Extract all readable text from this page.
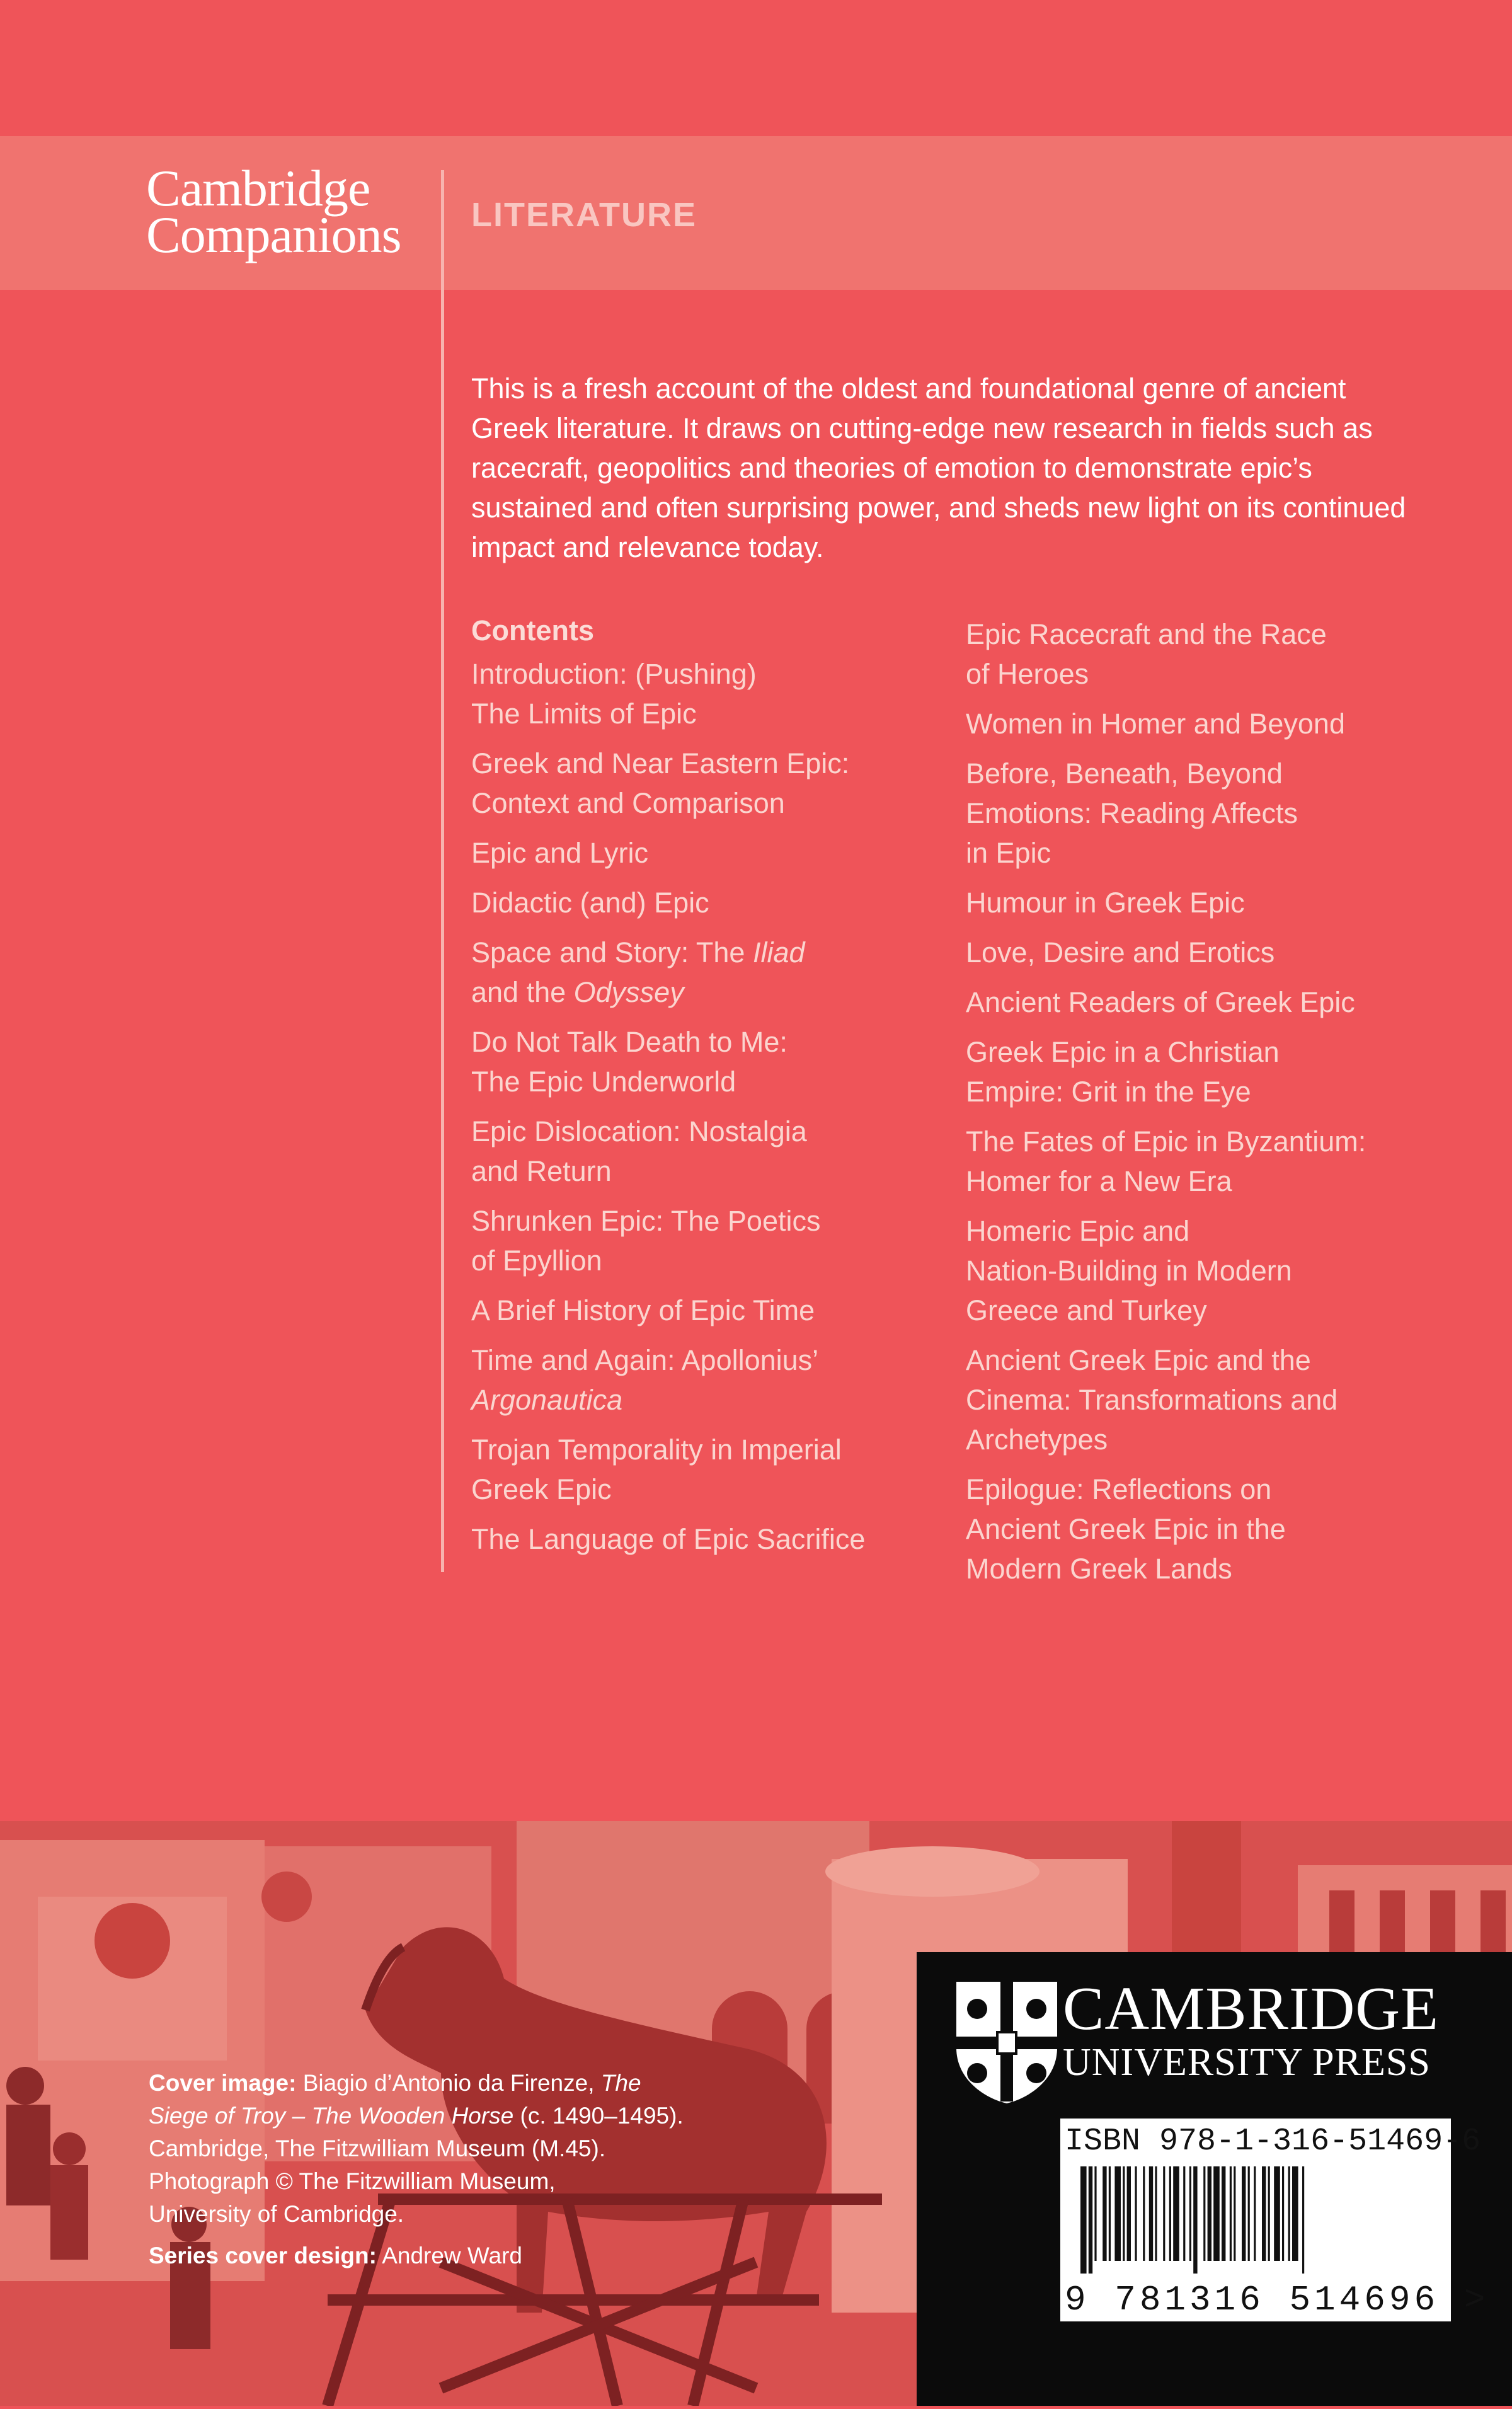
Cambridge
Companions LITERATURE
This is a fresh account of the oldest and foundational genre of ancient Greek literature. It draws on cutting-edge new research in fields such as racecraft, geopolitics and theories of emotion to demonstrate epic’s sustained and often surprising power, and sheds new light on its continued impact and relevance today.
Contents
Introduction: (Pushing)
The Limits of Epic
Greek and Near Eastern Epic:
Context and Comparison
Epic and Lyric
Didactic (and) Epic
Space and Story: The Iliad
and the Odyssey
Do Not Talk Death to Me:
The Epic Underworld
Epic Dislocation: Nostalgia
and Return
Shrunken Epic: The Poetics
of Epyllion
A Brief History of Epic Time
Time and Again: Apollonius’
Argonautica
Trojan Temporality in Imperial
Greek Epic
The Language of Epic Sacrifice
Epic Racecraft and the Race
of Heroes
Women in Homer and Beyond
Before, Beneath, Beyond
Emotions: Reading Affects
in Epic
Humour in Greek Epic
Love, Desire and Erotics
Ancient Readers of Greek Epic
Greek Epic in a Christian
Empire: Grit in the Eye
The Fates of Epic in Byzantium:
Homer for a New Era
Homeric Epic and
Nation-Building in Modern
Greece and Turkey
Ancient Greek Epic and the
Cinema: Transformations and
Archetypes
Epilogue: Reflections on
Ancient Greek Epic in the
Modern Greek Lands
Cover image: Biagio d’Antonio da Firenze, The
Siege of Troy – The Wooden Horse (c. 1490–1495).
Cambridge, The Fitzwilliam Museum (M.45).
Photograph © The Fitzwilliam Museum,
University of Cambridge.
Series cover design: Andrew Ward
CAMBRIDGE
UNIVERSITY PRESS
ISBN 978-1-316-51469-6
9 781316 514696 >
